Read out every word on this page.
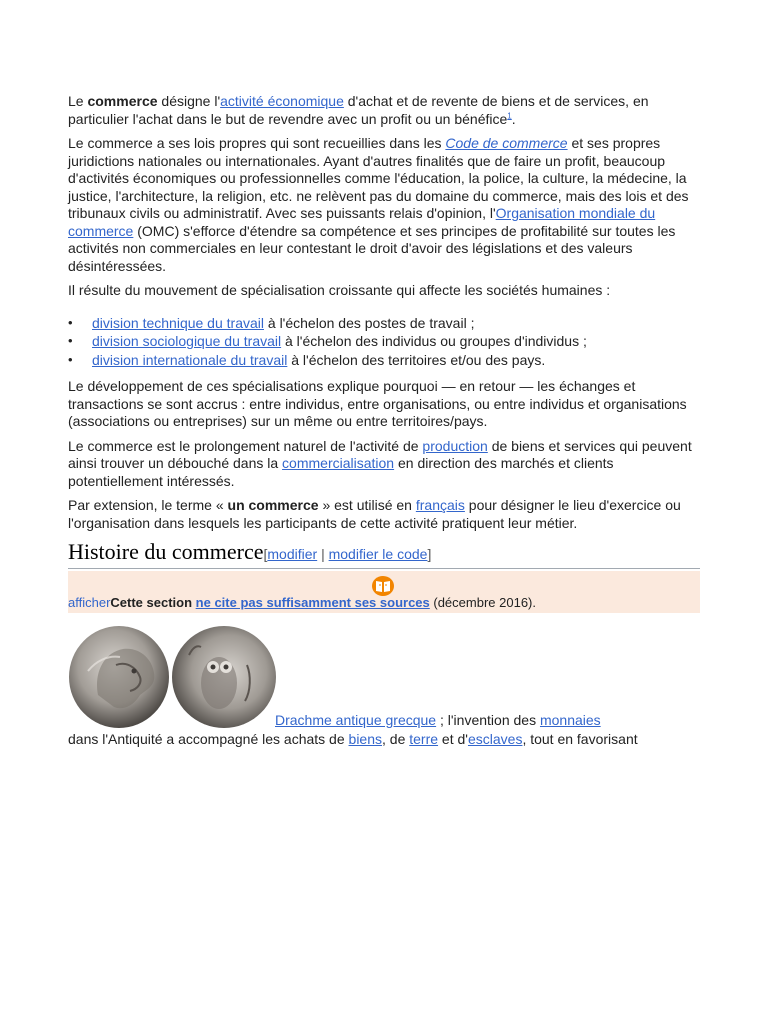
Le commerce désigne l'activité économique d'achat et de revente de biens et de services, en particulier l'achat dans le but de revendre avec un profit ou un bénéfice$^1$.

Le commerce a ses lois propres qui sont recueillies dans les Code de commerce et ses propres juridictions nationales ou internationales. Ayant d'autres finalités que de faire un profit, beaucoup d'activités économiques ou professionnelles comme l'éducation, la police, la culture, la médecine, la justice, l'architecture, la religion, etc. ne relèvent pas du domaine du commerce, mais des lois et des tribunaux civils ou administratif. Avec ses puissants relais d'opinion, l'Organisation mondiale du commerce (OMC) s'efforce d'étendre sa compétence et ses principes de profitabilité sur toutes les activités non commerciales en leur contestant le droit d'avoir des législations et des valeurs désintéressées.

Il résulte du mouvement de spécialisation croissante qui affecte les sociétés humaines :

• division technique du travail à l'échelon des postes de travail ;
• division sociologique du travail à l'échelon des individus ou groupes d'individus ;
• division internationale du travail à l'échelon des territoires et/ou des pays.

Le développement de ces spécialisations explique pourquoi — en retour — les échanges et transactions se sont accrus : entre individus, entre organisations, ou entre individus et organisations (associations ou entreprises) sur un même ou entre territoires/pays.

Le commerce est le prolongement naturel de l'activité de production de biens et services qui peuvent ainsi trouver un débouché dans la commercialisation en direction des marchés et clients potentiellement intéressés.

Par extension, le terme « un commerce » est utilisé en français pour désigner le lieu d'exercice ou l'organisation dans lesquels les participants de cette activité pratiquent leur métier.

Histoire du commerce [modifier | modifier le code]
afficherCette section ne cite pas suffisamment ses sources (décembre 2016).
Drachme antique grecque ; l'invention des monnaies

dans l'Antiquité a accompagné les achats de biens, de terre et d'esclaves, tout en favorisant
